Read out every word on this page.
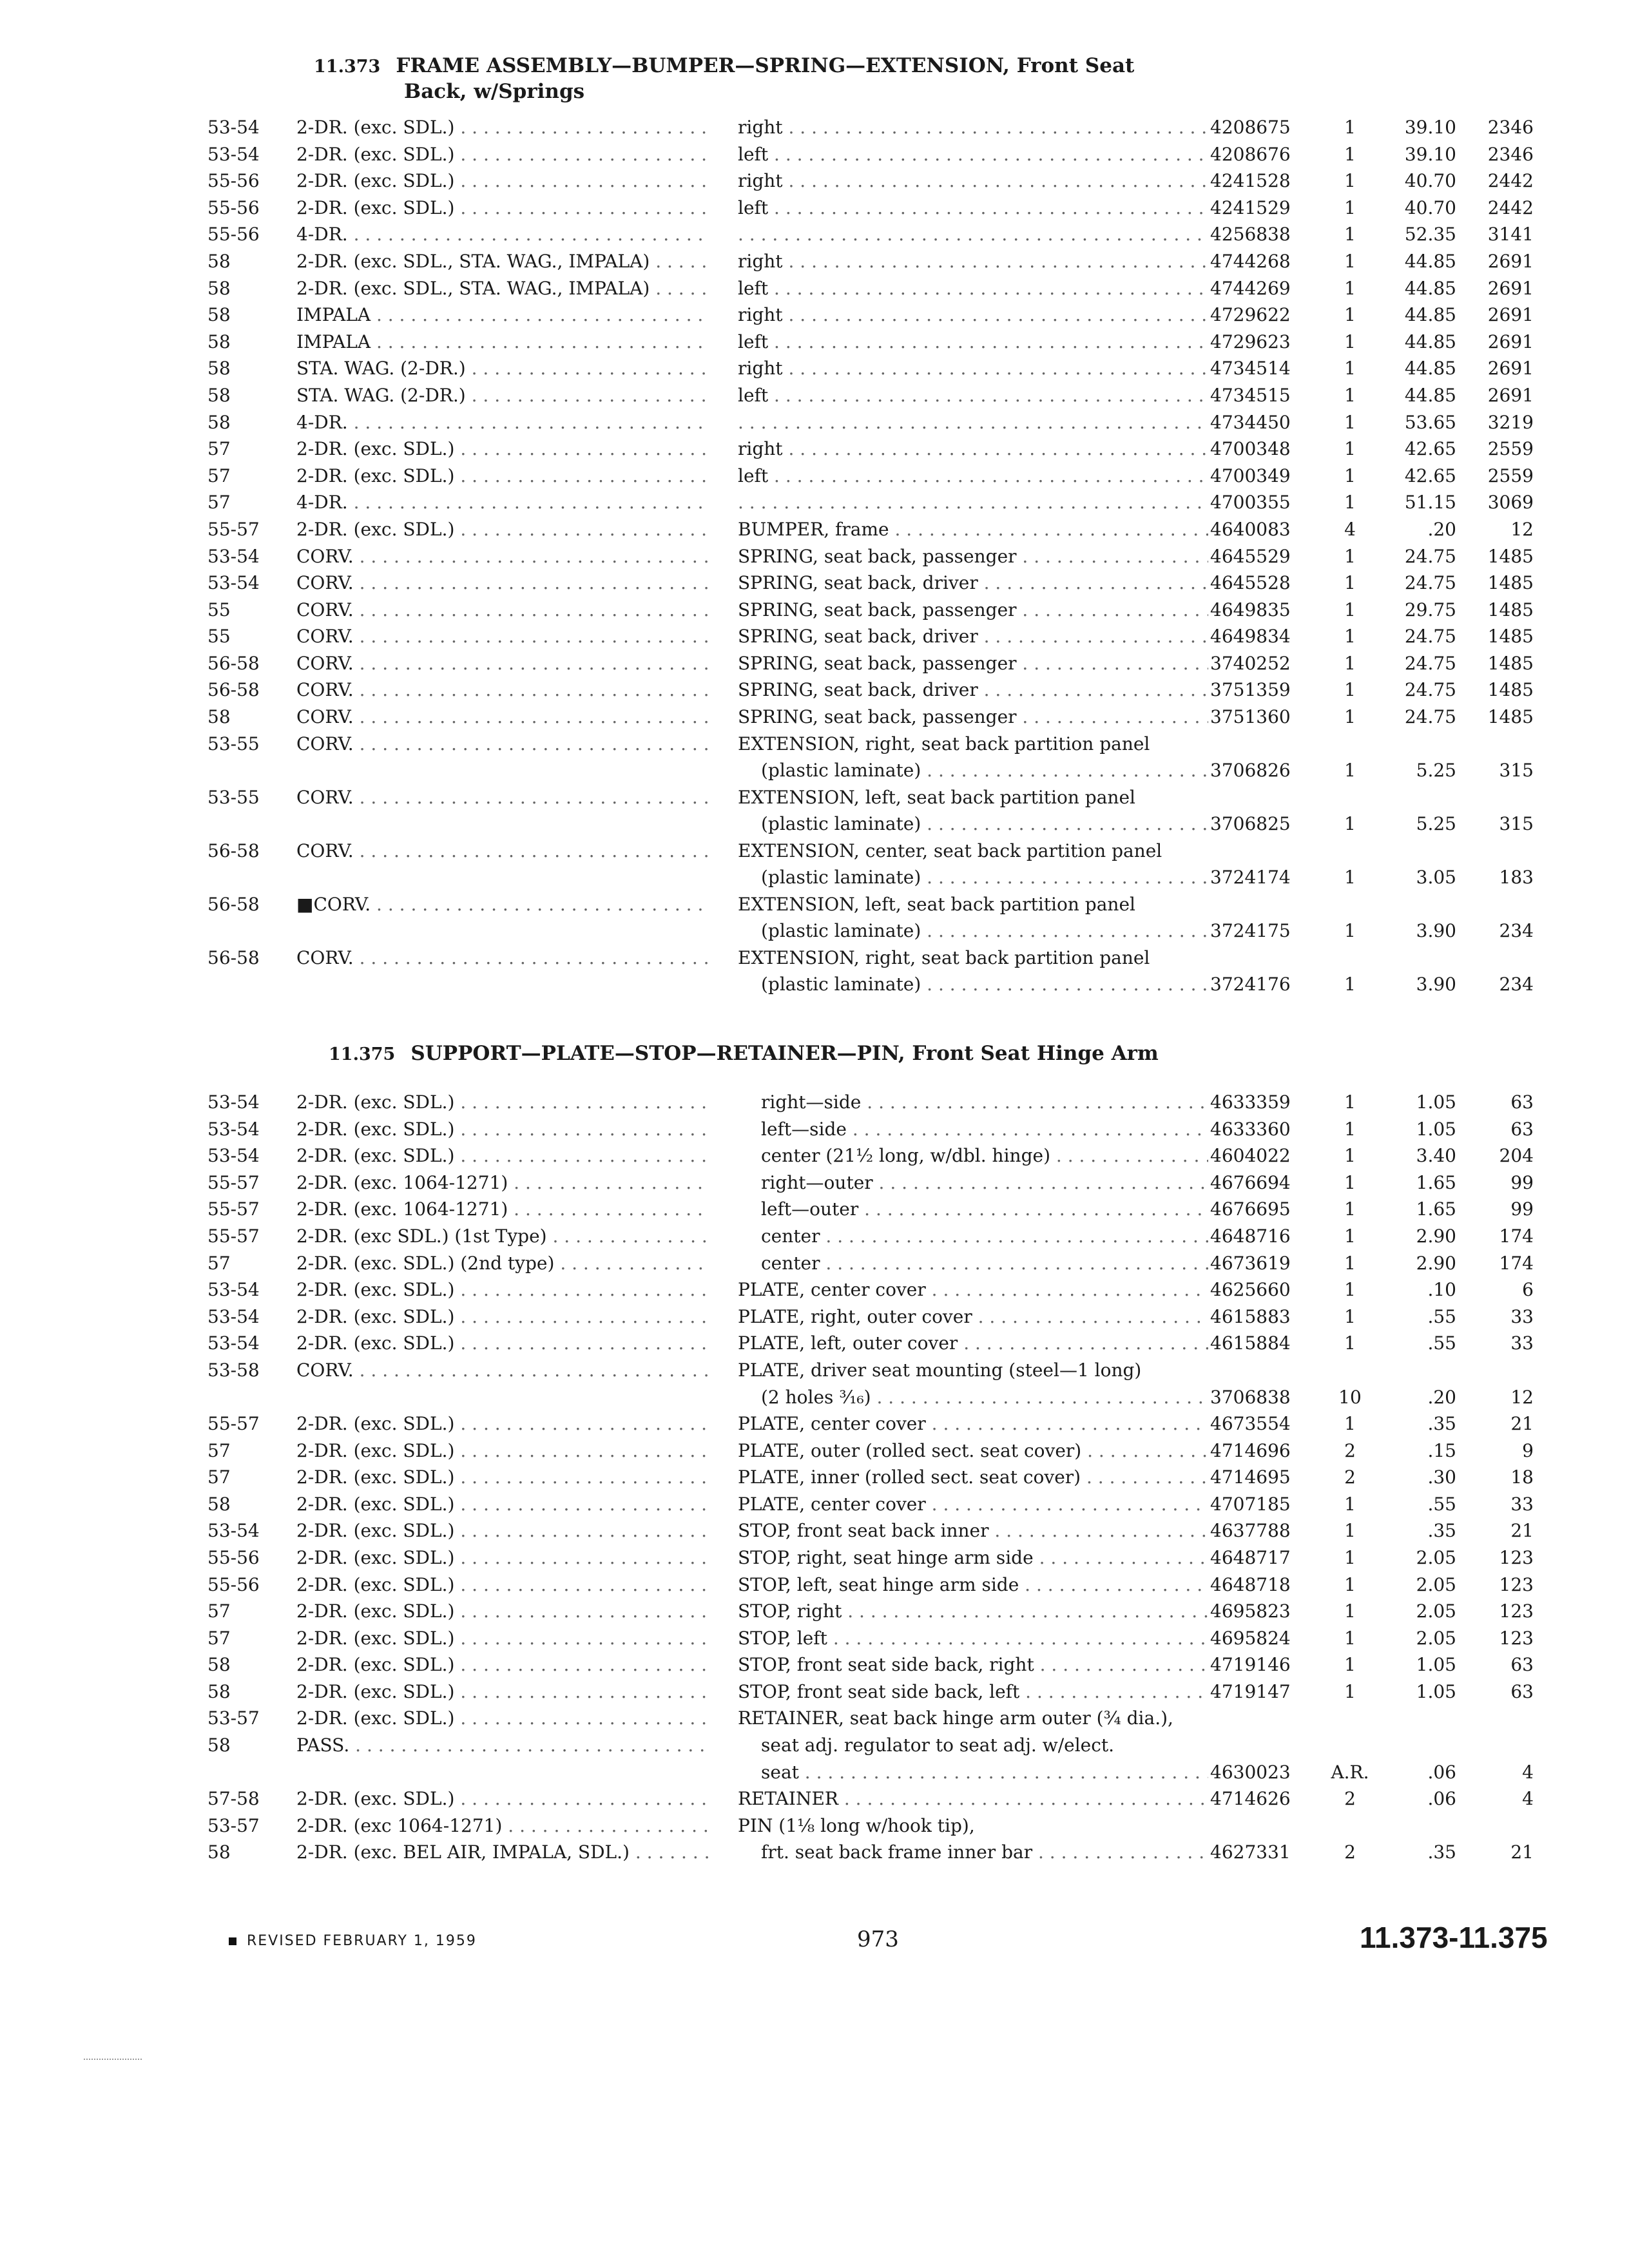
11.373 FRAME ASSEMBLY—BUMPER—SPRING—EXTENSION, Front Seat
Back, w/Springs
53-54 2-DR. (exc. SDL.) . . .	right . . .	4208675	1	39.10	2346
53-54 2-DR. (exc. SDL.) . . .	left . . .	4208676	1	39.10	2346
55-56 2-DR. (exc. SDL.) . . .	right . . .	4241528	1	40.70	2442
55-56 2-DR. (exc. SDL.) . . .	left . . .	4241529	1	40.70	2442
55-56 4-DR. . . . . . .	4256838	1	52.35	3141
58	2-DR. (exc. SDL., STA. WAG., IMPALA) . . .	right . . .	4744268	1	44.85	2691
58	2-DR. (exc. SDL., STA. WAG., IMPALA) . . .	left . . .	4744269	1	44.85	2691
58	IMPALA . . .	right . . .	4729622	1	44.85	2691
58	IMPALA . . .	left . . .	4729623	1	44.85	2691
58	STA. WAG. (2-DR.) . . .	right . . .	4734514	1	44.85	2691
58	STA. WAG. (2-DR.) . . .	left . . .	4734515	1	44.85	2691
58	4-DR. . . . . . .	4734450	1	53.65	3219
57	2-DR. (exc. SDL.) . . .	right . . .	4700348	1	42.65	2559
57	2-DR. (exc. SDL.) . . .	left . . .	4700349	1	42.65	2559
57	4-DR. . . . . . .	4700355	1	51.15	3069
55-57 2-DR. (exc. SDL.) . . .	BUMPER, frame . . .	4640083	4	.20	12
53-54 CORV. . . .	SPRING, seat back, passenger . . .	4645529	1	24.75	1485
53-54 CORV. . . .	SPRING, seat back, driver . . .	4645528	1	24.75	1485
55	CORV. . . .	SPRING, seat back, passenger . . .	4649835	1	29.75	1485
55	CORV. . . .	SPRING, seat back, driver . . .	4649834	1	24.75	1485
56-58 CORV. . . .	SPRING, seat back, passenger . . .	3740252	1	24.75	1485
56-58 CORV. . . .	SPRING, seat back, driver . . .	3751359	1	24.75	1485
58	CORV. . . .	SPRING, seat back, passenger . . .	3751360	1	24.75	1485
53-55 CORV. . . .	EXTENSION, right, seat back partition panel
(plastic laminate) . . .	3706826	1	5.25	315
53-55 CORV. . . .	EXTENSION, left, seat back partition panel
(plastic laminate) . . .	3706825	1	5.25	315
56-58 CORV. . . .	EXTENSION, center, seat back partition panel
(plastic laminate) . . .	3724174	1	3.05	183
56-58 ■CORV. . . .	EXTENSION, left, seat back partition panel
(plastic laminate) . . .	3724175	1	3.90	234
56-58 CORV. . . .	EXTENSION, right, seat back partition panel
(plastic laminate) . . .	3724176	1	3.90	234
11.375 SUPPORT—PLATE—STOP—RETAINER—PIN, Front Seat Hinge Arm
53-54 2-DR. (exc. SDL.) . . .	right—side . . .	4633359	1	1.05	63
53-54 2-DR. (exc. SDL.) . . .	left—side . . .	4633360	1	1.05	63
53-54 2-DR. (exc. SDL.) . . .	center (21½ long, w/dbl. hinge) . . .	4604022	1	3.40	204
55-57 2-DR. (exc. 1064-1271) . . .	right—outer . . .	4676694	1	1.65	99
55-57 2-DR. (exc. 1064-1271) . . .	left—outer . . .	4676695	1	1.65	99
55-57 2-DR. (exc SDL.) (1st Type) . . .	center . . .	4648716	1	2.90	174
57	2-DR. (exc. SDL.) (2nd type) . . .	center . . .	4673619	1	2.90	174
53-54 2-DR. (exc. SDL.) . . .	PLATE, center cover . . .	4625660	1	.10	6
53-54 2-DR. (exc. SDL.) . . .	PLATE, right, outer cover . . .	4615883	1	.55	33
53-54 2-DR. (exc. SDL.) . . .	PLATE, left, outer cover . . .	4615884	1	.55	33
53-58 CORV. . . .	PLATE, driver seat mounting (steel—1 long)
(2 holes ³⁄₁₆) . . .	3706838	10	.20	12
55-57 2-DR. (exc. SDL.) . . .	PLATE, center cover . . .	4673554	1	.35	21
57	2-DR. (exc. SDL.) . . .	PLATE, outer (rolled sect. seat cover) . . .	4714696	2	.15	9
57	2-DR. (exc. SDL.) . . .	PLATE, inner (rolled sect. seat cover) . . .	4714695	2	.30	18
58	2-DR. (exc. SDL.) . . .	PLATE, center cover . . .	4707185	1	.55	33
53-54 2-DR. (exc. SDL.) . . .	STOP, front seat back inner . . .	4637788	1	.35	21
55-56 2-DR. (exc. SDL.) . . .	STOP, right, seat hinge arm side . . .	4648717	1	2.05	123
55-56 2-DR. (exc. SDL.) . . .	STOP, left, seat hinge arm side . . .	4648718	1	2.05	123
57	2-DR. (exc. SDL.) . . .	STOP, right . . .	4695823	1	2.05	123
57	2-DR. (exc. SDL.) . . .	STOP, left . . .	4695824	1	2.05	123
58	2-DR. (exc. SDL.) . . .	STOP, front seat side back, right . . .	4719146	1	1.05	63
58	2-DR. (exc. SDL.) . . .	STOP, front seat side back, left . . .	4719147	1	1.05	63
53-57 2-DR. (exc. SDL.) . . .	RETAINER, seat back hinge arm outer (¾ dia.),
58	PASS. . . .	seat adj. regulator to seat adj. w/elect.
seat . . .	4630023	A.R.	.06	4
57-58 2-DR. (exc. SDL.) . . .	RETAINER . . .	4714626	2	.06	4
53-57 2-DR. (exc 1064-1271) . . .	PIN (1⅛ long w/hook tip),
58	2-DR. (exc. BEL AIR, IMPALA, SDL.) . . .	frt. seat back frame inner bar . . .	4627331	2	.35	21
REVISED FEBRUARY 1, 1959	973	11.373-11.375
